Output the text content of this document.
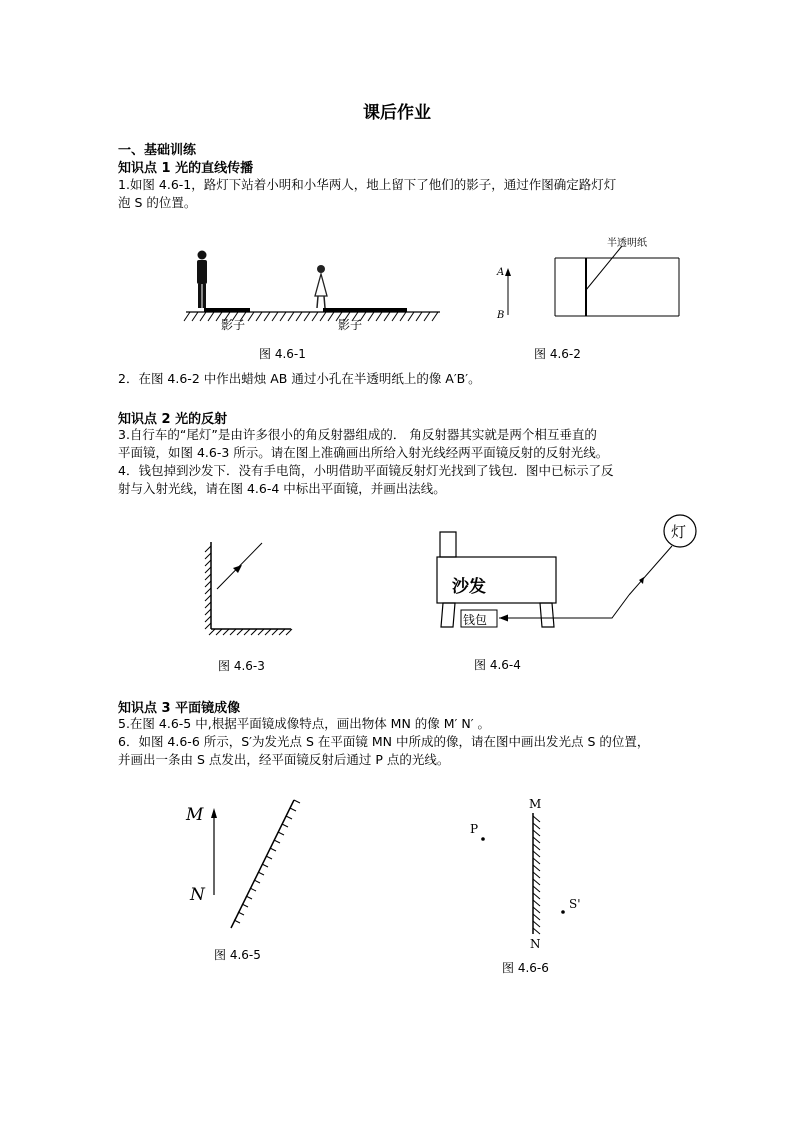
课后作业
一、基础训练
知识点 1 光的直线传播
1.如图 4.6-1，路灯下站着小明和小华两人，地上留下了他们的影子，通过作图确定路灯灯
泡 S 的位置。
影子	影子
图 4.6-1
A
B
半透明纸
图 4.6-2
2．在图 4.6-2 中作出蜡烛 AB 通过小孔在半透明纸上的像 A′B′。
知识点 2 光的反射
3.自行车的“尾灯”是由许多很小的角反射器组成的． 角反射器其实就是两个相互垂直的
平面镜，如图 4.6-3 所示。请在图上准确画出所给入射光线经两平面镜反射的反射光线。
4．钱包掉到沙发下．没有手电筒，小明借助平面镜反射灯光找到了钱包．图中已标示了反
射与入射光线，请在图 4.6-4 中标出平面镜，并画出法线。
图 4.6-3
灯
沙发
钱包
图 4.6-4
知识点 3 平面镜成像
5.在图 4.6-5 中,根据平面镜成像特点，画出物体 MN 的像 M′ N′ 。
6．如图 4.6-6 所示，S′为发光点 S 在平面镜 MN 中所成的像，请在图中画出发光点 S 的位置，
并画出一条由 S 点发出，经平面镜反射后通过 P 点的光线。
M
N
图 4.6-5
M
N
P
S'
图 4.6-6
